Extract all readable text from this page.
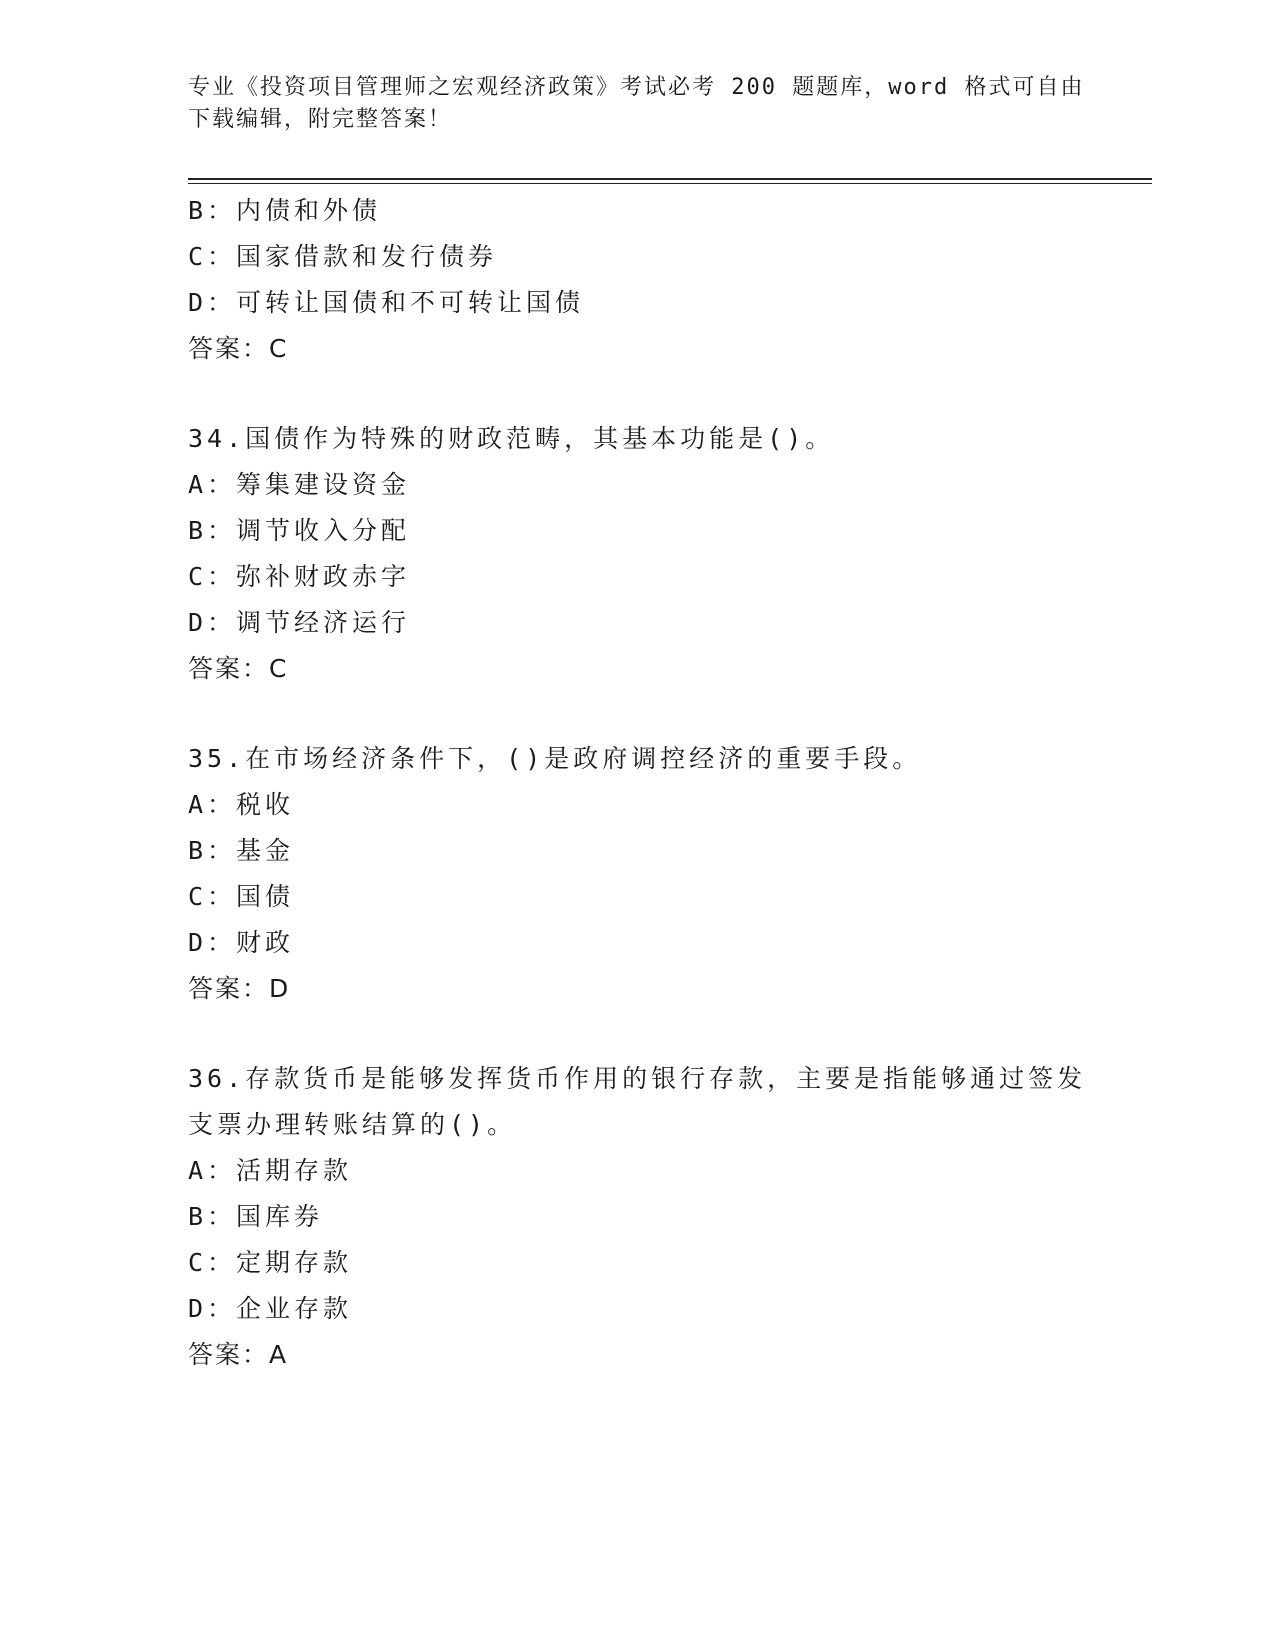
专业《投资项目管理师之宏观经济政策》考试必考 200 题题库，word 格式可自由下载编辑，附完整答案！
B：内债和外债
C：国家借款和发行债券
D：可转让国债和不可转让国债
答案：C
34.国债作为特殊的财政范畴，其基本功能是()。
A：筹集建设资金
B：调节收入分配
C：弥补财政赤字
D：调节经济运行
答案：C
35.在市场经济条件下，()是政府调控经济的重要手段。
A：税收
B：基金
C：国债
D：财政
答案：D
36.存款货币是能够发挥货币作用的银行存款，主要是指能够通过签发
支票办理转账结算的()。
A：活期存款
B：国库券
C：定期存款
D：企业存款
答案：A
